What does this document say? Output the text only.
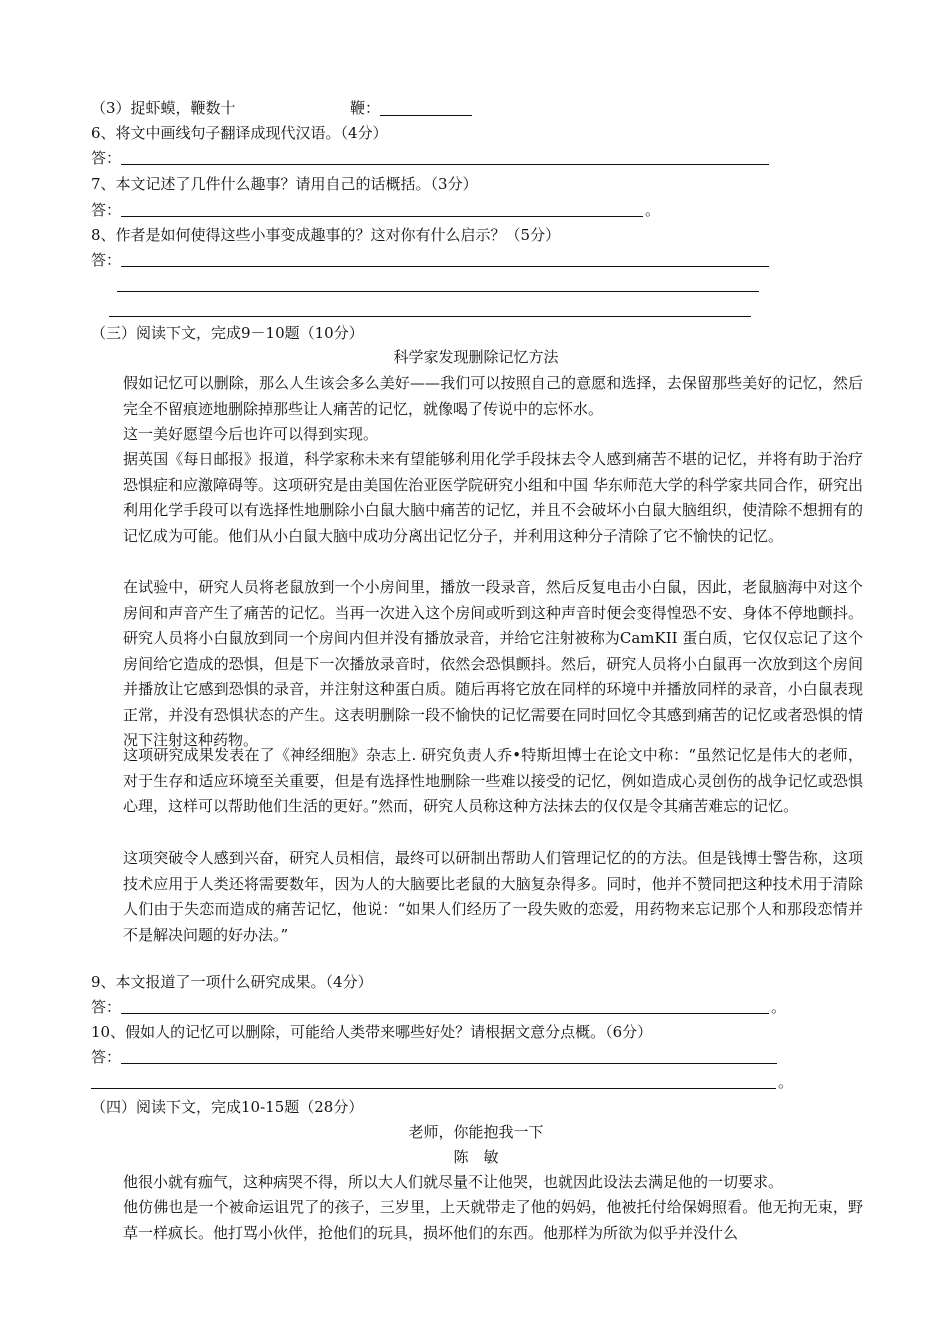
（3）捉虾蟆，鞭数十	鞭：
6、将文中画线句子翻译成现代汉语。（4分）
答：
7、本文记述了几件什么趣事？请用自己的话概括。（3分）
答：	。
8、作者是如何使得这些小事变成趣事的？这对你有什么启示？（5分）
答：
（三）阅读下文，完成9－10题（10分）
科学家发现删除记忆方法
假如记忆可以删除，那么人生该会多么美好——我们可以按照自己的意愿和选择，去保留那些美好的记忆，然后完全不留痕迹地删除掉那些让人痛苦的记忆，就像喝了传说中的忘怀水。
这一美好愿望今后也许可以得到实现。
据英国《每日邮报》报道，科学家称未来有望能够利用化学手段抹去令人感到痛苦不堪的记忆，并将有助于治疗恐惧症和应激障碍等。这项研究是由美国佐治亚医学院研究小组和中国 华东师范大学的科学家共同合作，研究出利用化学手段可以有选择性地删除小白鼠大脑中痛苦的记忆，并且不会破坏小白鼠大脑组织，使清除不想拥有的记忆成为可能。他们从小白鼠大脑中成功分离出记忆分子，并利用这种分子清除了它不愉快的记忆。
在试验中，研究人员将老鼠放到一个小房间里，播放一段录音，然后反复电击小白鼠，因此，老鼠脑海中对这个房间和声音产生了痛苦的记忆。当再一次进入这个房间或听到这种声音时便会变得惶恐不安、身体不停地颤抖。研究人员将小白鼠放到同一个房间内但并没有播放录音，并给它注射被称为CamKII 蛋白质，它仅仅忘记了这个房间给它造成的恐惧，但是下一次播放录音时，依然会恐惧颤抖。然后，研究人员将小白鼠再一次放到这个房间并播放让它感到恐惧的录音，并注射这种蛋白质。随后再将它放在同样的环境中并播放同样的录音，小白鼠表现正常，并没有恐惧状态的产生。这表明删除一段不愉快的记忆需要在同时回忆令其感到痛苦的记忆或者恐惧的情况下注射这种药物。
这项研究成果发表在了《神经细胞》杂志上. 研究负责人乔•特斯坦博士在论文中称：“虽然记忆是伟大的老师，对于生存和适应环境至关重要，但是有选择性地删除一些难以接受的记忆，例如造成心灵创伤的战争记忆或恐惧心理，这样可以帮助他们生活的更好。”然而，研究人员称这种方法抹去的仅仅是令其痛苦难忘的记忆。
这项突破令人感到兴奋，研究人员相信，最终可以研制出帮助人们管理记忆的的方法。但是钱博士警告称，这项技术应用于人类还将需要数年，因为人的大脑要比老鼠的大脑复杂得多。同时，他并不赞同把这种技术用于清除人们由于失恋而造成的痛苦记忆，他说：“如果人们经历了一段失败的恋爱，用药物来忘记那个人和那段恋情并不是解决问题的好办法。”
9、本文报道了一项什么研究成果。（4分）
答：	。
10、假如人的记忆可以删除，可能给人类带来哪些好处？请根据文意分点概。（6分）
答：
。
（四）阅读下文，完成10-15题（28分）
老师，你能抱我一下
陈　敏
他很小就有痂气，这种病哭不得，所以大人们就尽量不让他哭，也就因此设法去满足他的一切要求。
他仿佛也是一个被命运诅咒了的孩子，三岁里，上天就带走了他的妈妈，他被托付给保姆照看。他无拘无束，野草一样疯长。他打骂小伙伴，抢他们的玩具，损坏他们的东西。他那样为所欲为似乎并没什么
